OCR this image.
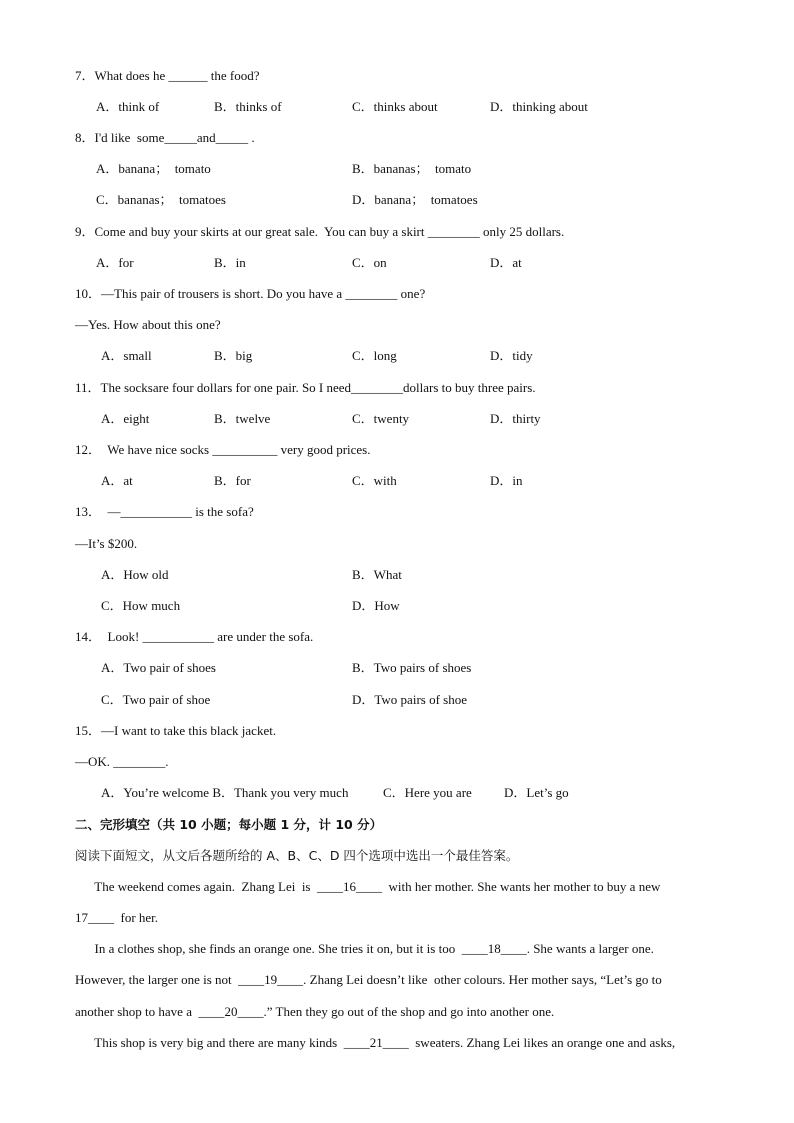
7．What does he ______ the food?
A．think of	B．thinks of	C．thinks about	D．thinking about
8．I'd like  some_____and_____ .
A．banana；  tomato	B．bananas；  tomato
C．bananas；  tomatoes	D．banana；  tomatoes
9．Come and buy your skirts at our great sale.  You can buy a skirt ________ only 25 dollars.
A．for	B．in	C．on	D．at
10．—This pair of trousers is short. Do you have a ________ one?
—Yes. How about this one?
A．small	B．big	C．long	D．tidy
11．The socksare four dollars for one pair. So I need________dollars to buy three pairs.
A．eight	B．twelve	C．twenty	D．thirty
12．  We have nice socks __________ very good prices.
A．at	B．for	C．with	D．in
13．  —___________ is the sofa?
—It’s $200.
A．How old	B．What
C．How much	D．How
14．  Look! ___________ are under the sofa.
A．Two pair of shoes	B．Two pairs of shoes
C．Two pair of shoe	D．Two pairs of shoe
15．—I want to take this black jacket.
—OK. ________.
A．You’re welcome B．Thank you very much	C．Here you are D．Let’s go
二、完形填空（共 10 小题；每小题 1 分，计 10 分）
阅读下面短文，从文后各题所给的 A、B、C、D 四个选项中选出一个最佳答案。
The weekend comes again.  Zhang Lei  is  ____16____  with her mother. She wants her mother to buy a new
17____  for her.
In a clothes shop, she finds an orange one. She tries it on, but it is too  ____18____. She wants a larger one.
However, the larger one is not  ____19____. Zhang Lei doesn’t like  other colours. Her mother says, “Let’s go to
another shop to have a  ____20____.” Then they go out of the shop and go into another one.
This shop is very big and there are many kinds  ____21____  sweaters. Zhang Lei likes an orange one and asks,
